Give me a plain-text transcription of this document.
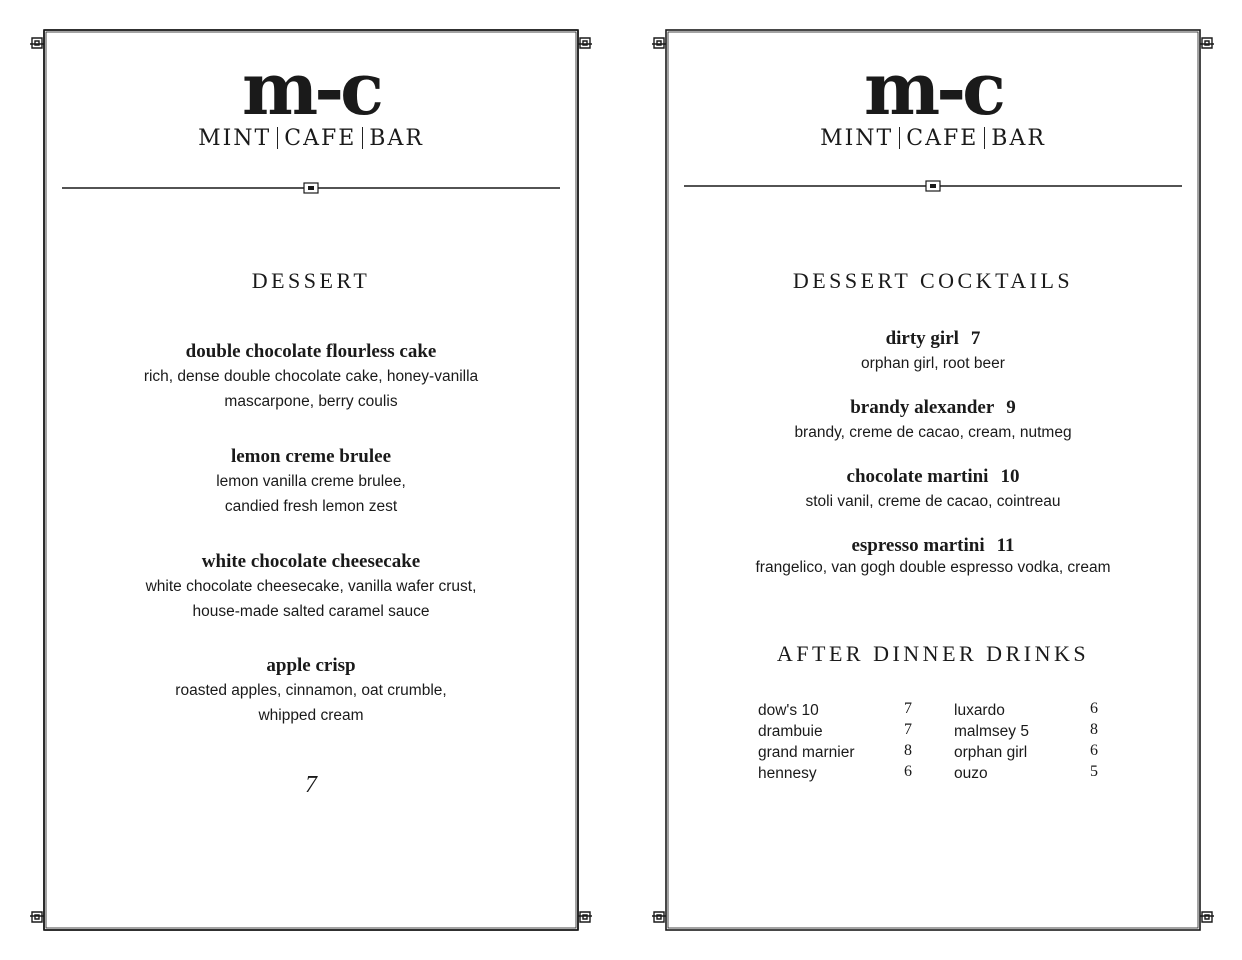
m-c
MINT CAFE BAR
DESSERT
double chocolate flourless cake
rich, dense double chocolate cake, honey-vanilla
mascarpone, berry coulis
lemon creme brulee
lemon vanilla creme brulee,
candied fresh lemon zest
white chocolate cheesecake
white chocolate cheesecake, vanilla wafer crust,
house-made salted caramel sauce
apple crisp
roasted apples, cinnamon, oat crumble,
whipped cream
7
m-c
MINT CAFE BAR
DESSERT COCKTAILS
dirty girl 7
orphan girl, root beer
brandy alexander 9
brandy, creme de cacao, cream, nutmeg
chocolate martini 10
stoli vanil, creme de cacao, cointreau
espresso martini 11
frangelico, van gogh double espresso vodka, cream
AFTER DINNER DRINKS
dow's 10	7
drambuie	7
grand marnier	8
hennesy	6
luxardo	6
malmsey 5	8
orphan girl	6
ouzo	5
